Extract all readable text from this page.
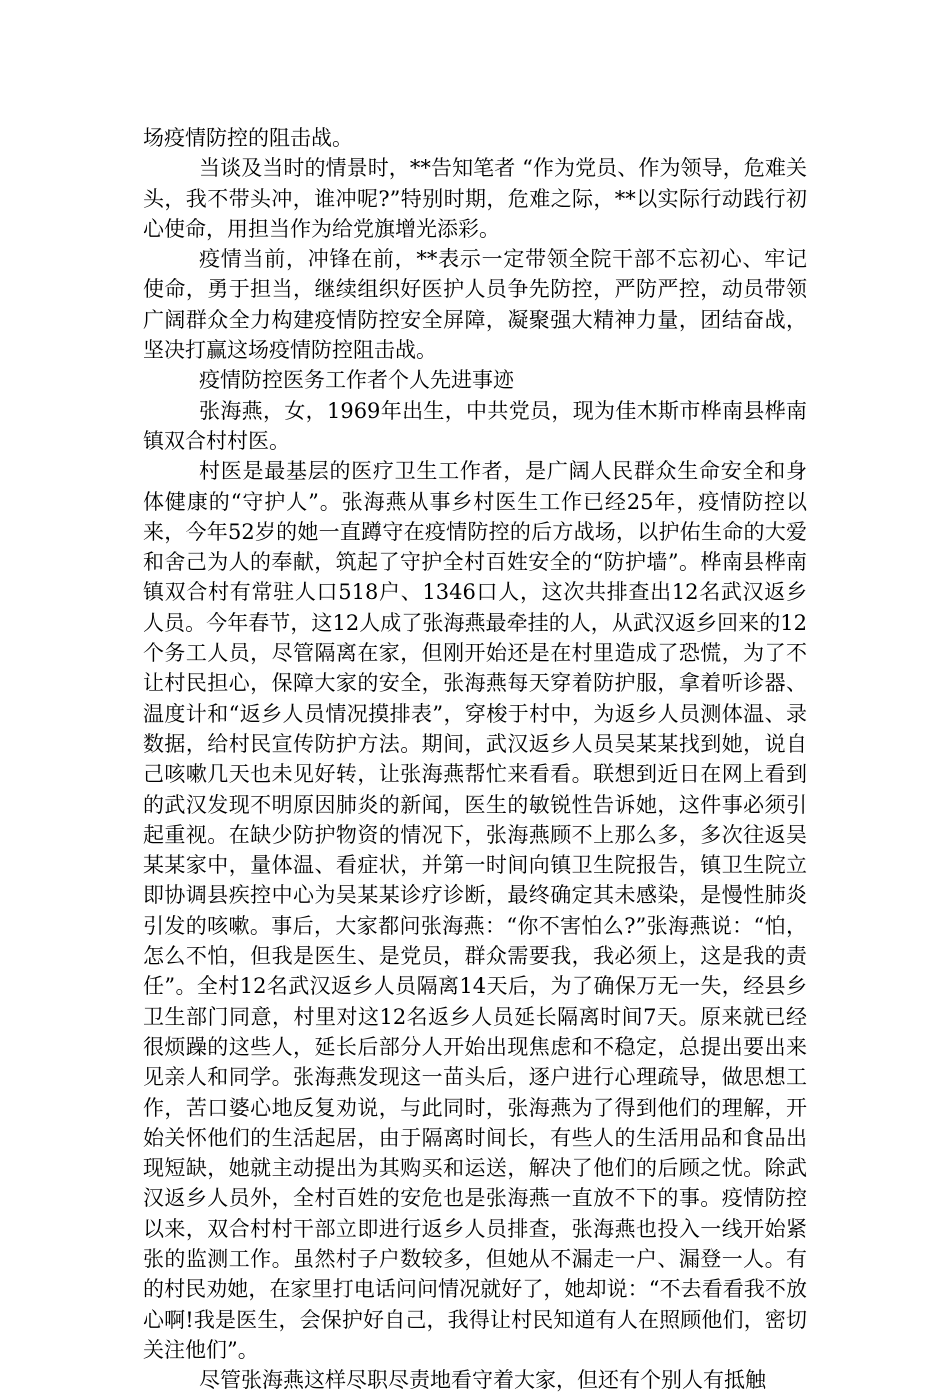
场疫情防控的阻击战。

当谈及当时的情景时，**告知笔者 “作为党员、作为领导，危难关头，我不带头冲，谁冲呢?”特别时期，危难之际，**以实际行动践行初心使命，用担当作为给党旗增光添彩。

疫情当前，冲锋在前，**表示一定带领全院干部不忘初心、牢记使命，勇于担当，继续组织好医护人员争先防控，严防严控，动员带领广阔群众全力构建疫情防控安全屏障，凝聚强大精神力量，团结奋战，坚决打赢这场疫情防控阻击战。

疫情防控医务工作者个人先进事迹

张海燕，女，1969年出生，中共党员，现为佳木斯市桦南县桦南镇双合村村医。

村医是最基层的医疗卫生工作者，是广阔人民群众生命安全和身体健康的“守护人”。张海燕从事乡村医生工作已经25年，疫情防控以来，今年52岁的她一直蹲守在疫情防控的后方战场，以护佑生命的大爱和舍己为人的奉献，筑起了守护全村百姓安全的“防护墙”。桦南县桦南镇双合村有常驻人口518户、1346口人，这次共排查出12名武汉返乡人员。今年春节，这12人成了张海燕最牵挂的人，从武汉返乡回来的12个务工人员，尽管隔离在家，但刚开始还是在村里造成了恐慌，为了不让村民担心，保障大家的安全，张海燕每天穿着防护服，拿着听诊器、温度计和“返乡人员情况摸排表”，穿梭于村中，为返乡人员测体温、录数据，给村民宣传防护方法。期间，武汉返乡人员吴某某找到她，说自己咳嗽几天也未见好转，让张海燕帮忙来看看。联想到近日在网上看到的武汉发现不明原因肺炎的新闻，医生的敏锐性告诉她，这件事必须引起重视。在缺少防护物资的情况下，张海燕顾不上那么多，多次往返吴某某家中，量体温、看症状，并第一时间向镇卫生院报告，镇卫生院立即协调县疾控中心为吴某某诊疗诊断，最终确定其未感染，是慢性肺炎引发的咳嗽。事后，大家都问张海燕：“你不害怕么?”张海燕说：“怕，怎么不怕，但我是医生、是党员，群众需要我，我必须上，这是我的责任”。全村12名武汉返乡人员隔离14天后，为了确保万无一失，经县乡卫生部门同意，村里对这12名返乡人员延长隔离时间7天。原来就已经很烦躁的这些人，延长后部分人开始出现焦虑和不稳定，总提出要出来见亲人和同学。张海燕发现这一苗头后，逐户进行心理疏导，做思想工作，苦口婆心地反复劝说，与此同时，张海燕为了得到他们的理解，开始关怀他们的生活起居，由于隔离时间长，有些人的生活用品和食品出现短缺，她就主动提出为其购买和运送，解决了他们的后顾之忧。除武汉返乡人员外，全村百姓的安危也是张海燕一直放不下的事。疫情防控以来，双合村村干部立即进行返乡人员排查，张海燕也投入一线开始紧张的监测工作。虽然村子户数较多，但她从不漏走一户、漏登一人。有的村民劝她，在家里打电话问问情况就好了，她却说：“不去看看我不放心啊!我是医生，会保护好自己，我得让村民知道有人在照顾他们，密切关注他们”。

尽管张海燕这样尽职尽责地看守着大家，但还有个别人有抵触
